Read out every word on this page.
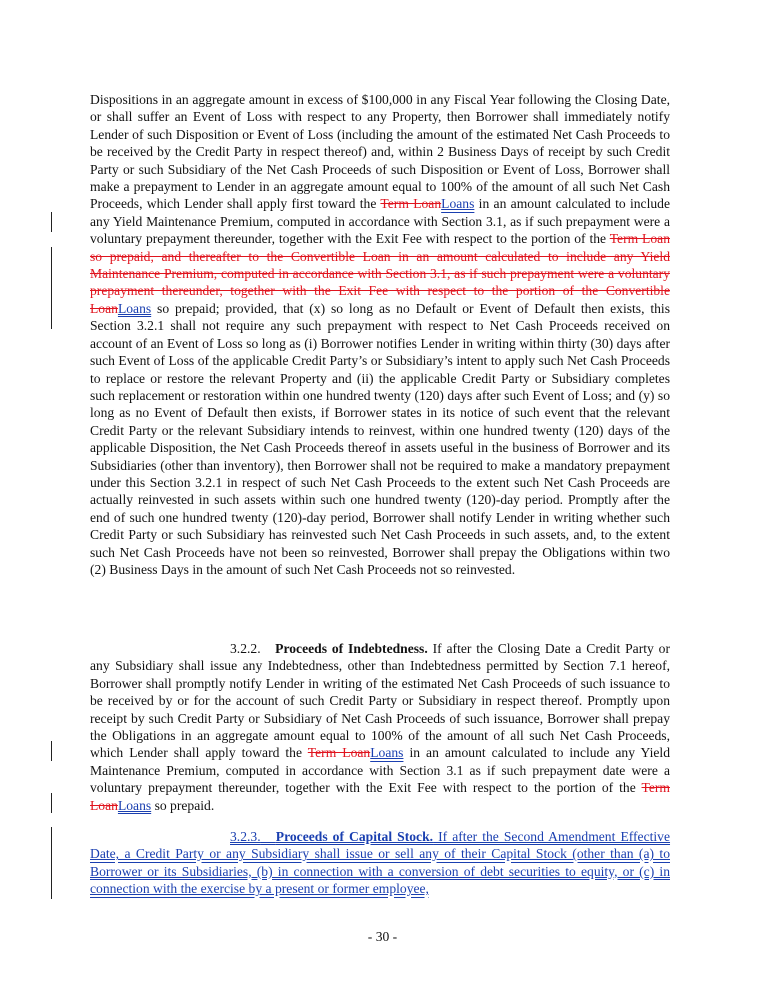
Dispositions in an aggregate amount in excess of $100,000 in any Fiscal Year following the Closing Date, or shall suffer an Event of Loss with respect to any Property, then Borrower shall immediately notify Lender of such Disposition or Event of Loss (including the amount of the estimated Net Cash Proceeds to be received by the Credit Party in respect thereof) and, within 2 Business Days of receipt by such Credit Party or such Subsidiary of the Net Cash Proceeds of such Disposition or Event of Loss, Borrower shall make a prepayment to Lender in an aggregate amount equal to 100% of the amount of all such Net Cash Proceeds, which Lender shall apply first toward the Term LoanLoans in an amount calculated to include any Yield Maintenance Premium, computed in accordance with Section 3.1, as if such prepayment were a voluntary prepayment thereunder, together with the Exit Fee with respect to the portion of the Term Loan so prepaid, and thereafter to the Convertible Loan in an amount calculated to include any Yield Maintenance Premium, computed in accordance with Section 3.1, as if such prepayment were a voluntary prepayment thereunder, together with the Exit Fee with respect to the portion of the Convertible LoanLoans so prepaid; provided, that (x) so long as no Default or Event of Default then exists, this Section 3.2.1 shall not require any such prepayment with respect to Net Cash Proceeds received on account of an Event of Loss so long as (i) Borrower notifies Lender in writing within thirty (30) days after such Event of Loss of the applicable Credit Party’s or Subsidiary’s intent to apply such Net Cash Proceeds to replace or restore the relevant Property and (ii) the applicable Credit Party or Subsidiary completes such replacement or restoration within one hundred twenty (120) days after such Event of Loss; and (y) so long as no Event of Default then exists, if Borrower states in its notice of such event that the relevant Credit Party or the relevant Subsidiary intends to reinvest, within one hundred twenty (120) days of the applicable Disposition, the Net Cash Proceeds thereof in assets useful in the business of Borrower and its Subsidiaries (other than inventory), then Borrower shall not be required to make a mandatory prepayment under this Section 3.2.1 in respect of such Net Cash Proceeds to the extent such Net Cash Proceeds are actually reinvested in such assets within such one hundred twenty (120)-day period. Promptly after the end of such one hundred twenty (120)-day period, Borrower shall notify Lender in writing whether such Credit Party or such Subsidiary has reinvested such Net Cash Proceeds in such assets, and, to the extent such Net Cash Proceeds have not been so reinvested, Borrower shall prepay the Obligations within two (2) Business Days in the amount of such Net Cash Proceeds not so reinvested.

3.2.2. Proceeds of Indebtedness. If after the Closing Date a Credit Party or any Subsidiary shall issue any Indebtedness, other than Indebtedness permitted by Section 7.1 hereof, Borrower shall promptly notify Lender in writing of the estimated Net Cash Proceeds of such issuance to be received by or for the account of such Credit Party or Subsidiary in respect thereof. Promptly upon receipt by such Credit Party or Subsidiary of Net Cash Proceeds of such issuance, Borrower shall prepay the Obligations in an aggregate amount equal to 100% of the amount of all such Net Cash Proceeds, which Lender shall apply toward the Term LoanLoans in an amount calculated to include any Yield Maintenance Premium, computed in accordance with Section 3.1 as if such prepayment date were a voluntary prepayment thereunder, together with the Exit Fee with respect to the portion of the Term LoanLoans so prepaid.

3.2.3. Proceeds of Capital Stock. If after the Second Amendment Effective Date, a Credit Party or any Subsidiary shall issue or sell any of their Capital Stock (other than (a) to Borrower or its Subsidiaries, (b) in connection with a conversion of debt securities to equity, or (c) in connection with the exercise by a present or former employee,

- 30 -
